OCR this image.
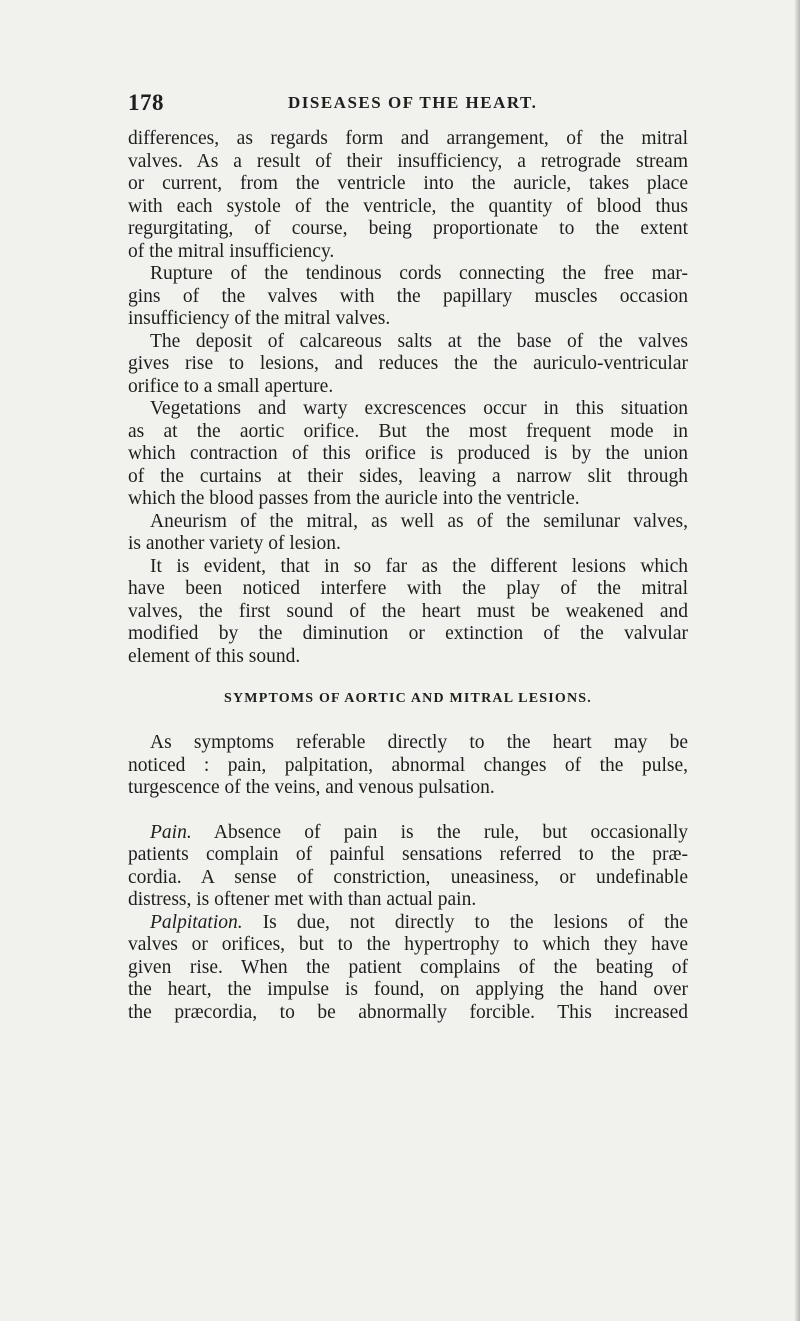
178	DISEASES OF THE HEART.
differences, as regards form and arrangement, of the mitral
valves. As a result of their insufficiency, a retrograde stream
or current, from the ventricle into the auricle, takes place
with each systole of the ventricle, the quantity of blood thus
regurgitating, of course, being proportionate to the extent
of the mitral insufficiency.
Rupture of the tendinous cords connecting the free mar-
gins of the valves with the papillary muscles occasion
insufficiency of the mitral valves.
The deposit of calcareous salts at the base of the valves
gives rise to lesions, and reduces the the auriculo-ventricular
orifice to a small aperture.
Vegetations and warty excrescences occur in this situation
as at the aortic orifice. But the most frequent mode in
which contraction of this orifice is produced is by the union
of the curtains at their sides, leaving a narrow slit through
which the blood passes from the auricle into the ventricle.
Aneurism of the mitral, as well as of the semilunar valves,
is another variety of lesion.
It is evident, that in so far as the different lesions which
have been noticed interfere with the play of the mitral
valves, the first sound of the heart must be weakened and
modified by the diminution or extinction of the valvular
element of this sound.
SYMPTOMS OF AORTIC AND MITRAL LESIONS.
As symptoms referable directly to the heart may be
noticed : pain, palpitation, abnormal changes of the pulse,
turgescence of the veins, and venous pulsation.
Pain. Absence of pain is the rule, but occasionally
patients complain of painful sensations referred to the præ-
cordia. A sense of constriction, uneasiness, or undefinable
distress, is oftener met with than actual pain.
Palpitation. Is due, not directly to the lesions of the
valves or orifices, but to the hypertrophy to which they have
given rise. When the patient complains of the beating of
the heart, the impulse is found, on applying the hand over
the præcordia, to be abnormally forcible. This increased
